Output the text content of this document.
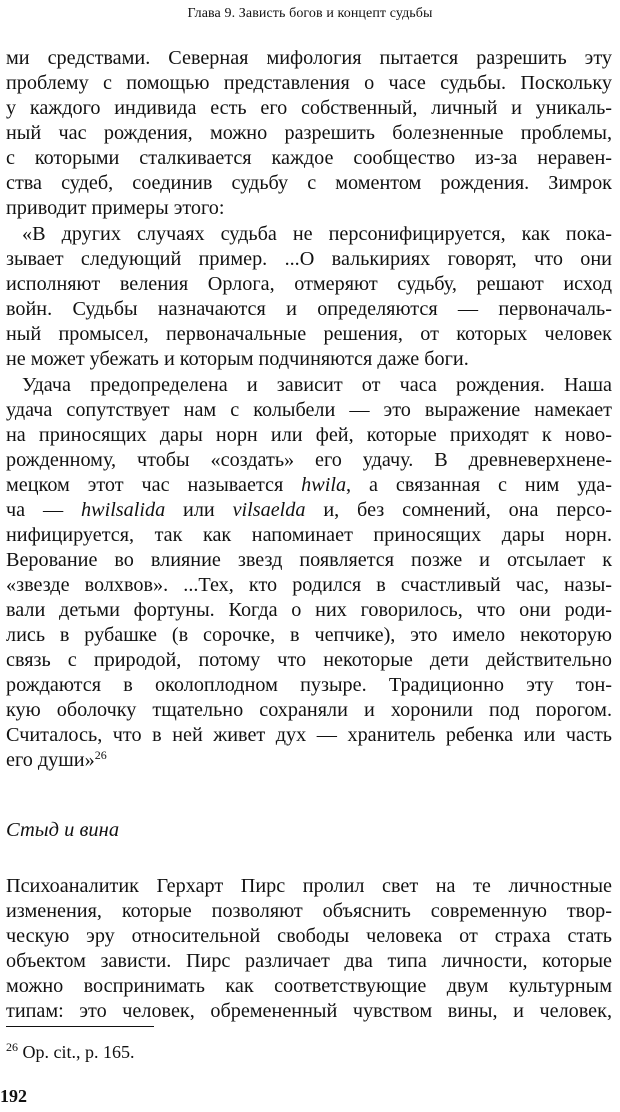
Глава 9. Зависть богов и концепт судьбы
ми средствами. Северная мифология пытается разрешить эту
проблему с помощью представления о часе судьбы. Поскольку
у каждого индивида есть его собственный, личный и уникаль-
ный час рождения, можно разрешить болезненные проблемы,
с которыми сталкивается каждое сообщество из-за неравен-
ства судеб, соединив судьбу с моментом рождения. Зимрок
приводит примеры этого:
«В других случаях судьба не персонифицируется, как пока-
зывает следующий пример. ...О валькириях говорят, что они
исполняют веления Орлога, отмеряют судьбу, решают исход
войн. Судьбы назначаются и определяются — первоначаль-
ный промысел, первоначальные решения, от которых человек
не может убежать и которым подчиняются даже боги.
Удача предопределена и зависит от часа рождения. Наша
удача сопутствует нам с колыбели — это выражение намекает
на приносящих дары норн или фей, которые приходят к ново-
рожденному, чтобы «создать» его удачу. В древневерхнене-
мецком этот час называется hwila, а связанная с ним уда-
ча — hwilsalida или vilsaelda и, без сомнений, она персо-
нифицируется, так как напоминает приносящих дары норн.
Верование во влияние звезд появляется позже и отсылает к
«звезде волхвов». ...Тех, кто родился в счастливый час, назы-
вали детьми фортуны. Когда о них говорилось, что они роди-
лись в рубашке (в сорочке, в чепчике), это имело некоторую
связь с природой, потому что некоторые дети действительно
рождаются в околоплодном пузыре. Традиционно эту тон-
кую оболочку тщательно сохраняли и хоронили под порогом.
Считалось, что в ней живет дух — хранитель ребенка или часть
его души»$^{26}$
Стыд и вина
Психоаналитик Герхарт Пирс пролил свет на те личностные
изменения, которые позволяют объяснить современную твор-
ческую эру относительной свободы человека от страха стать
объектом зависти. Пирс различает два типа личности, которые
можно воспринимать как соответствующие двум культурным
типам: это человек, обремененный чувством вины, и человек,
$^{26}$ Op. cit., p. 165.
192
